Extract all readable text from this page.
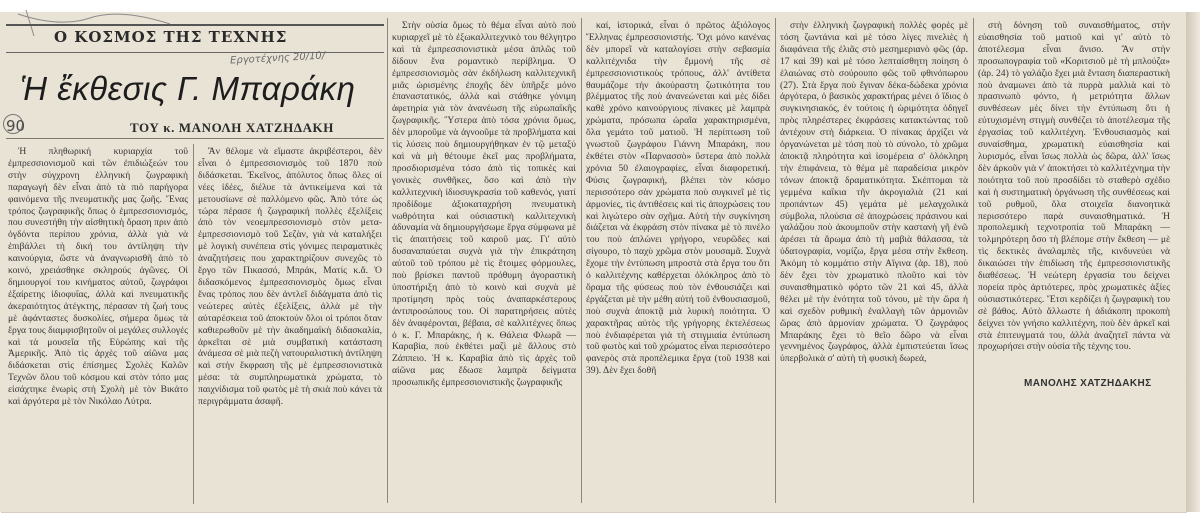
Ο ΚΟΣΜΟΣ ΤΗΣ ΤΕΧΝΗΣ
Εργοτέχνης 20/10/
Ἡ ἔκθεσις Γ. Μπαράκη
90	ΤΟΥ κ. ΜΑΝΟΛΗ ΧΑΤΖΗΔΑΚΗ

Ἡ πληθωρική κυριαρχία τοῦ ἐμπρεσσιονισμοῦ καὶ τῶν ἐπιδιώξεών του στὴν σύγχρονη ἑλληνική ζωγραφικὴ παραγωγή δὲν εἶναι ἀπὸ τὰ πιὸ παρήγορα φαινόμενα τῆς πνευματικῆς μας ζωῆς. Ἕνας τρόπος ζωγραφικῆς ὅπως ὁ ἐμπρεσσιονισμός, που συνεστήθη τὴν αἰσθητικὴ ὅραση πριν ἀπὸ ὀγδόντα περίπου χρόνια, ἀλλὰ γιὰ νὰ ἐπιβάλλει τὴ δική του ἀντίληψη τὴν καινούργια, ὥστε νὰ ἀναγνωρισθῆ ἀπὸ τὸ κοινό, χρειάσθηκε σκληρούς ἀγῶνες. Οἱ δημιουργοί του κινήματος αὐτοῦ, ζωγράφοι ἐξαίρετης ἰδιοφυΐας, ἀλλὰ καὶ πνευματικῆς ἀκεραιότητος ἀτέγκτης, πέρασαν τὴ ζωή τους μὲ ἀφάνταστες δυσκολίες, σήμερα ὅμως τὰ ἔργα τους διαμφισβητοῦν οἱ μεγάλες συλλογές καὶ τὰ μουσεῖα τῆς Εὐρώπης καὶ τῆς Ἀμερικῆς. Ἀπὸ τὶς ἀρχὲς τοῦ αἰῶνα μας διδάσκεται στὶς ἐπίσημες Σχολὲς Καλῶν Τεχνῶν ὅλου τοῦ κόσμου καὶ στὸν τόπο μας εἰσάχτηκε ἐνωρὶς στὴ Σχολὴ μὲ τὸν Βικάτο καὶ ἀργότερα μὲ τὸν Νικόλαο Λύτρα.

Ἂν θέλομε νὰ εἴμαστε ἀκριβέστεροι, δὲν εἶναι ὁ ἐμπρεσσιονισμὸς τοῦ 1870 ποὺ διδάσκεται. Ἐκεῖνος, ἀπόλυτος ὅπως ὅλες οἱ νέες ἰδέες, διέλυε τὰ ἀντικείμενα καὶ τὰ μετουσίωνε σὲ παλλόμενο φῶς. Ἀπὸ τότε ὡς τώρα πέρασε ἡ ζωγραφική πολλὲς ἐξελίξεις ἀπὸ τὸν νεοεμπρεσσιονισμὸ στὸν μετα-ἐμπρεσσιονισμὸ τοῦ Σεζὰν, γιὰ νὰ καταλήξει μὲ λογικὴ συνέπεια στὶς γόνιμες πειραματικὲς ἀναζητήσεις που χαρακτηρίζουν συνεχῶς τὸ ἔργο τῶν Πικασσό, Μπράκ, Ματίς κ.ἄ. Ὁ διδασκόμενος ἐμπρεσσιονισμὸς ὅμως εἶναι ἕνας τρόπος που δὲν ἀντλεῖ διδάγματα ἀπὸ τὶς νεώτερες αὐτὲς ἐξελίξεις, ἀλλὰ μὲ τὴν αὐταρέσκεια τοῦ ἀποκτούν ὅλοι οἱ τρόποι ὅταν καθιερωθοῦν μὲ τὴν ἀκαδημαϊκὴ διδασκαλία, ἀρκεῖται σὲ μιὰ συμβατικὴ κατάσταση ἀνάμεσα σὲ μιὰ πεζὴ νατουραλιστικὴ ἀντίληψη καὶ στὴν ἔκφραση τῆς μὲ ἐμπρεσσιονιστικὰ μέσα: τὰ συμπληρωματικὰ χρώματα, τὸ παιχνίδισμα τοῦ φωτὸς μὲ τὴ σκιὰ ποὺ κάνει τὰ περιγράμματα ἀσαφῆ.

Στὴν οὐσία ὅμως τὸ θέμα εἶναι αὐτὸ ποὺ κυριαρχεῖ μὲ τὸ ἐξωκαλλιτεχνικὸ του θέλγητρο καὶ τὰ ἐμπρεσσιονιστικὰ μέσα ἁπλῶς τοῦ δίδουν ἕνα ρομαντικὸ περίβλημα. Ὁ ἐμπρεσσιονισμὸς σὰν ἐκδήλωση καλλιτεχνικῆ μιᾶς ὡρισμένης ἐποχῆς δὲν ὑπῆρξε μόνο ἐπαναστατικός, ἀλλὰ καὶ στάθηκε γόνιμη ἀφετηρία γιὰ τὸν ἀνανέωση τῆς εὐρωπαϊκῆς ζωγραφικῆς. Ὕστερα ἀπὸ τόσα χρόνια ὅμως, δὲν μποροῦμε νὰ ἀγνοοῦμε τὰ προβλήματα καὶ τὶς λύσεις ποὺ δημιουργήθηκαν ἐν τῷ μεταξύ καὶ νὰ μὴ θέτουμε ἐκεῖ μας προβλήματα, προσδιορισμένα τόσο ἀπὸ τὶς τοπικὲς καὶ γονικὲς συνθῆκες, ὅσο καὶ ἀπὸ τὴν καλλιτεχνικὴ ἰδιοσυγκρασία τοῦ καθενός, γιατί προδίδομε ἀξιοκαταχρήση πνευματικὴ νωθρότητα καὶ οὐσιαστικὴ καλλιτεχνικὴ ἀδυναμία νὰ δημιουργήσωμε ἔργα σύμφωνα μὲ τὶς ἀπαιτήσεις τοῦ καιροῦ μας. Γι' αὐτὸ δυσαναπαύεται συχνὰ γιὰ τὴν ἐπικράτηση αὐτοῦ τοῦ τρόπου μὲ τὶς ἕτοιμες φόρμουλες, ποὺ βρίσκει παντοῦ πρόθυμη ἀγοραστικὴ ὑποστήριξη ἀπὸ τὸ κοινὸ καὶ συχνὰ μὲ προτίμηση πρὸς τοὺς ἀναπαρκέστερους ἀντιπροσώπους του. Οἱ παρατηρήσεις αὐτὲς δὲν ἀναφέρονται, βέβαια, σὲ καλλιτέχνες ὅπως ὁ κ. Γ. Μπαράκης, ἡ κ. Θάλεια Φλωρᾶ — Καραβία, ποὺ ἐκθέτει μαζὶ μὲ ἄλλους στὸ Ζάππειο. Ἡ κ. Καραβία ἀπὸ τὶς ἀρχὲς τοῦ αἰῶνα μας ἔδωσε λαμπρὰ δείγματα προσωπικῆς ἐμπρεσσιονιστικῆς ζωγραφικῆς

καί, ἱστορικά, εἶναι ὁ πρῶτος ἀξιόλογος Ἕλληνας ἐμπρεσσιονιστής. Ὄχι μόνο κανένας δὲν μπορεῖ νὰ καταλογίσει στὴν σεβασμία καλλιτέχνιδα τὴν ἔμμονή τῆς σὲ ἐμπρεσσιονιστικοὺς τρόπους, ἀλλ' ἀντίθετα θαυμάζομε τὴν ἀκούραστη ζωτικότητα του βλέμματος τῆς ποὺ ἀνανεώνεται καὶ μὲς δίδει καθὲ χρόνο καινούργιους πίνακες μὲ λαμπρὰ χρώματα, πρόσωπα ὡραῖα χαρακτηρισμένα, ὅλα γεμάτο τοῦ ματιοῦ. Ἡ περίπτωση τοῦ γνωστοῦ ζωγράφου Γιάννη Μπαράκη, που ἐκθέτει στὸν «Παρνασσὸ» ὕστερα ἀπὸ πολλὰ χρόνια 50 ἐλαιογραφίες, εἶναι διαφορετική. Φύσις ζωγραφική, βλέπει τὸν κόσμο περισσότερο σὰν χρώματα ποὺ συγκινεῖ μὲ τὶς ἁρμονίες, τὶς ἀντιθέσεις καὶ τὶς ἀποχρώσεις του καὶ λιγώτερο σὰν σχῆμα. Αὐτὴ τὴν συγκίνηση διάζεται νὰ ἐκφράση στὸν πίνακα μὲ τὸ πινέλο του ποὺ ἁπλώνει γρήγορο, νευρῶδες καὶ σίγουρο, τὸ παχὺ χρῶμα στὸν μουσαμᾶ. Συχνὰ ἔχομε τὴν ἐντύπωση μπροστὰ στὰ ἔργα του ὅτι ὁ καλλιτέχνης καθέρχεται ὁλόκληρος ἀπὸ τὸ ὅραμα τῆς φύσεως ποὺ τὸν ἐνθουσιάζει καὶ ἐργάζεται μὲ τὴν μέθη αὐτή τοῦ ἐνθουσιασμοῦ, ποὺ συχνὰ ἀποκτᾷ μιὰ λυρικὴ ποιότητα. Ὁ χαρακτῆρας αὐτὸς τῆς γρήγορης ἐκτελέσεως ποὺ ἐνδιαφέρεται γιὰ τὴ στιγμιαία ἐντύπωση τοῦ φωτὸς καὶ τοῦ χρώματος εἶναι περισσότερο φανερὸς στὰ προπέλεμικα ἔργα (τοῦ 1938 καὶ 39). Δὲν ἔχει δοθῆ

στὴν ἑλληνικὴ ζωγραφικὴ πολλὲς φορὲς μὲ τόση ζωντάνια καὶ μὲ τόσο λίγες πινελιὲς ἡ διαφάνεια τῆς ἐλιᾶς στὸ μεσημεριανὸ φῶς (ἀρ. 17 καὶ 39) καὶ μὲ τόσο λεπταίσθητη ποίηση ὁ ἑλαιώνας στὸ σούρουπο φῶς τοῦ φθινόπωρου (27). Στὰ ἔργα ποὺ ἔγιναν δέκα-δώδεκα χρόνια ἀργότερα, ὁ βασικὸς χαρακτήρας μένει ὁ ἴδιος ὁ συγκινησιακός, ἐν τούτοις ἡ ὡριμότητα ὁδηγεῖ πρὸς πληρέστερες ἐκφράσεις κατακτώντας τοῦ ἀντέχουν στὴ διάρκεια. Ὁ πίνακας ἀρχίζει νὰ ὀργανώνεται μὲ τόση ποὺ τὸ σύνολο, τὸ χρῶμα ἀποκτᾷ πληρότητα καὶ ἰσομέρεια σ' ὁλόκληρη τὴν ἐπιφάνεια, τὸ θέμα μὲ παραδείσια μικρὸν τόνων ἀποκτᾷ δραματικότητα. Σκέπτομαι τὰ γεμμένα καΐκια τῆν ἀκρογιαλιὰ (21 καὶ προπάντων 45) γεμάτα μὲ μελαγχολικὰ σύμβολα, πλούσια σὲ ἀποχρώσεις πράσινου καὶ γαλάζιου ποὺ ἀκουμποῦν στὴν καστανὴ γῆ ἐνῶ ἀρέσει τὰ ἄρωμα ἀπὸ τὴ μαβιὰ θάλασσα, τὰ ὑδατογραφία, νομίζω, ἔργα μέσα στὴν ἔκθεση. Ἀκόμη τὸ κομμάτιο στὴν Αἴγινα (ἀρ. 18), ποὺ δὲν ἔχει τὸν χρωματικὸ πλοῦτο καὶ τὸν συναισθηματικὸ φόρτο τῶν 21 καὶ 45, ἀλλὰ θέλει μὲ τὴν ἑνότητα τοῦ τόνου, μὲ τὴν ὥρα ἡ καὶ σχεδὸν ρυθμικὴ ἐναλλαγὴ τῶν ἀρμονιῶν ὥρας ἀπὸ ἁρμονίαν χρώματα. Ὁ ζωγράφος Μπαράκης ἔχει τὸ θεῖο δῶρο νὰ εἶναι γεννημένος ζωγράφος, ἀλλὰ ἐμπιστεύεται ἴσως ὑπερβολικὰ σ' αὐτὴ τὴ φυσικὴ δωρεά,

στὴ δόνηση τοῦ συναισθήματος, στὴν εὐαισθησία τοῦ ματιοῦ καὶ γι' αὐτὸ τὸ ἀποτέλεσμα εἶναι ἄνισο. Ἂν στὴν προσωπογραφία τοῦ «Κοριτσιοῦ μὲ τὴ μπλούζα» (ἀρ. 24) τὸ γαλάζιο ἔχει μιὰ ἔνταση διαπεραστικὴ ποὺ ἀναμωνει ἀπὸ τὰ πυρρὰ μαλλιὰ καὶ τὸ πρασινωπὸ φόντο, ἡ μετριότητα ἄλλων συνθέσεων μὲς δίνει τὴν ἐντύπωση ὅτι ἡ εὐτυχισμένη στιγμὴ συνθέζει τὸ ἀποτέλεσμα τῆς ἐργασίας τοῦ καλλιτέχνη. Ἐνθουσιασμὸς καὶ συναίσθημα, χρωματικὴ εὐαισθησία καὶ λυρισμός, εἶναι ἴσως πολλὰ ὡς δῶρα, ἀλλ' ἴσως δὲν ἀρκοῦν γιὰ ν' ἀποκτήσει τὸ καλλιτέχνημα τὴν ποιότητα τοῦ ποὺ προσδίδει τὸ σταθερὸ σχέδιο καὶ ἡ συστηματικὴ ὀργάνωση τῆς συνθέσεως καὶ τοῦ ρυθμοῦ, ὅλα στοιχεῖα διανοητικὰ περισσότερο παρὰ συναισθηματικά. Ἡ προπολεμικὴ τεχνοτροπία τοῦ Μπαράκη — τολμηρότερη ὅσο τὴ βλέπομε στὴν ἔκθεση — μὲ τὶς δεκτικὲς ἀναλαμπὲς τῆς, κινδυνεύει νὰ δικαιώσει τὴν ἐπιδίωση τῆς ἐμπρεσσιονιστικῆς διαθέσεως. Ἡ νεώτερη ἐργασία του δείχνει πορεία πρὸς ἀρτιότερες, πρὸς χρωματικὲς ἀξίες οὐσιαστικότερες. Ἔτσι κερδίζει ἡ ζωγραφικὴ του σὲ βάθος. Αὐτὸ ἄλλωστε ἡ ἀδιάκοπη προκοπὴ δείχνει τὸν γνήσιο καλλιτέχνη, ποὺ δὲν ἀρκεῖ καὶ στὰ ἐπιτευγματά του, ἀλλὰ ἀναζητεῖ πάντα νὰ προχωρήσει στὴν οὐσία τῆς τέχνης του.

ΜΑΝΟΛΗΣ ΧΑΤΖΗΔΑΚΗΣ
